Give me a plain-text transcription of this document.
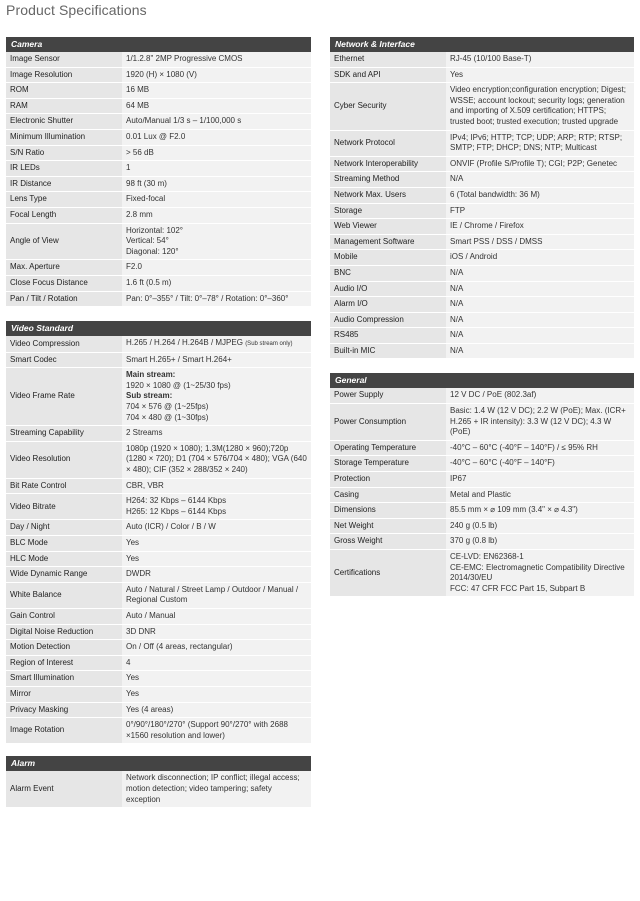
Product Specifications
Camera
Image Sensor	1/1.2.8" 2MP Progressive CMOS
Image Resolution	1920 (H) × 1080 (V)
ROM	16 MB
RAM	64 MB
Electronic Shutter	Auto/Manual 1/3 s – 1/100,000 s
Minimum Illumination	0.01 Lux @ F2.0
S/N Ratio	> 56 dB
IR LEDs	1
IR Distance	98 ft (30 m)
Lens Type	Fixed-focal
Focal Length	2.8 mm
Angle of View	Horizontal: 102°
Vertical: 54°
Diagonal: 120°

Max. Aperture	F2.0
Close Focus Distance	1.6 ft (0.5 m)
Pan / Tilt / Rotation	Pan: 0°–355° / Tilt: 0°–78° / Rotation: 0°–360°
Video Standard
Video Compression	H.265 / H.264 / H.264B / MJPEG (Sub stream only)
Smart Codec	Smart H.265+ / Smart H.264+
Video Frame Rate	Main stream:
1920 × 1080 @ (1~25/30 fps)
Sub stream:
704 × 576 @ (1~25fps)
704 × 480 @ (1~30fps)

Streaming Capability	2 Streams
Video Resolution	1080p (1920 × 1080); 1.3M(1280 × 960);720p (1280 × 720); D1 (704 × 576/704 × 480); VGA (640 × 480); CIF (352 × 288/352 × 240)
Bit Rate Control	CBR, VBR
Video Bitrate	H264: 32 Kbps – 6144 Kbps
H265: 12 Kbps – 6144 Kbps

Day / Night	Auto (ICR) / Color / B / W
BLC Mode	Yes
HLC Mode	Yes
Wide Dynamic Range	DWDR
White Balance	Auto / Natural / Street Lamp / Outdoor / Manual / Regional Custom
Gain Control	Auto / Manual
Digital Noise Reduction	3D DNR
Motion Detection	On / Off (4 areas, rectangular)
Region of Interest	4
Smart Illumination	Yes
Mirror	Yes
Privacy Masking	Yes (4 areas)
Image Rotation	0°/90°/180°/270° (Support 90°/270° with 2688 ×1560 resolution and lower)
Alarm
Alarm Event	Network disconnection; IP conflict; illegal access; motion detection; video tampering; safety exception
Network & Interface
Ethernet	RJ-45 (10/100 Base-T)
SDK and API	Yes
Cyber Security	Video encryption;configuration encryption; Digest; WSSE; account lockout; security logs; generation and importing of X.509 certification; HTTPS; trusted boot; trusted execution; trusted upgrade
Network Protocol	IPv4; IPv6; HTTP; TCP; UDP; ARP; RTP; RTSP; SMTP; FTP; DHCP; DNS; NTP; Multicast
Network Interoperability	ONVIF (Profile S/Profile T); CGI; P2P; Genetec
Streaming Method	N/A
Network Max. Users	6 (Total bandwidth: 36 M)
Storage	FTP
Web Viewer	IE / Chrome / Firefox
Management Software	Smart PSS / DSS / DMSS
Mobile	iOS / Android
BNC	N/A
Audio I/O	N/A
Alarm I/O	N/A
Audio Compression	N/A
RS485	N/A
Built-in MIC	N/A
General
Power Supply	12 V DC / PoE (802.3af)
Power Consumption	Basic: 1.4 W (12 V DC); 2.2 W (PoE); Max. (ICR+ H.265 + IR intensity): 3.3 W (12 V DC); 4.3 W (PoE)
Operating Temperature	-40°C – 60°C (-40°F – 140°F) / ≤ 95% RH
Storage Temperature	-40°C – 60°C (-40°F – 140°F)
Protection	IP67
Casing	Metal and Plastic
Dimensions	85.5 mm × ⌀ 109 mm (3.4" × ⌀ 4.3")
Net Weight	240 g (0.5 lb)
Gross Weight	370 g (0.8 lb)
Certifications	CE-LVD: EN62368-1
CE-EMC: Electromagnetic Compatibility Directive 2014/30/EU
FCC: 47 CFR FCC Part 15, Subpart B
